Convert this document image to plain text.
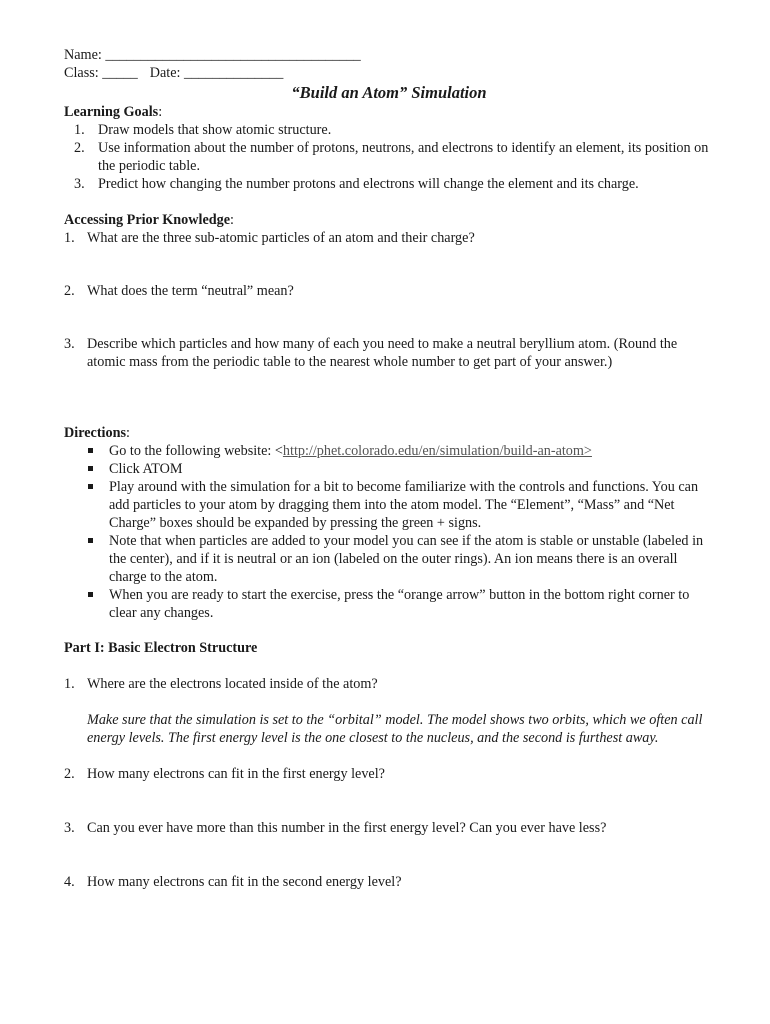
Name: ____________________________________
Class: _____ Date: ______________
“Build an Atom” Simulation
Learning Goals:
1. Draw models that show atomic structure.
2. Use information about the number of protons, neutrons, and electrons to identify an element, its position on the periodic table.
3. Predict how changing the number protons and electrons will change the element and its charge.
Accessing Prior Knowledge:
1. What are the three sub-atomic particles of an atom and their charge?
2. What does the term “neutral” mean?
3. Describe which particles and how many of each you need to make a neutral beryllium atom. (Round the atomic mass from the periodic table to the nearest whole number to get part of your answer.)
Directions:
Go to the following website: <http://phet.colorado.edu/en/simulation/build-an-atom>
Click ATOM
Play around with the simulation for a bit to become familiarize with the controls and functions. You can add particles to your atom by dragging them into the atom model. The “Element”, “Mass” and “Net Charge” boxes should be expanded by pressing the green + signs.
Note that when particles are added to your model you can see if the atom is stable or unstable (labeled in the center), and if it is neutral or an ion (labeled on the outer rings). An ion means there is an overall charge to the atom.
When you are ready to start the exercise, press the “orange arrow” button in the bottom right corner to clear any changes.
Part I: Basic Electron Structure
1. Where are the electrons located inside of the atom?
Make sure that the simulation is set to the “orbital” model. The model shows two orbits, which we often call energy levels. The first energy level is the one closest to the nucleus, and the second is furthest away.
2. How many electrons can fit in the first energy level?
3. Can you ever have more than this number in the first energy level? Can you ever have less?
4. How many electrons can fit in the second energy level?
